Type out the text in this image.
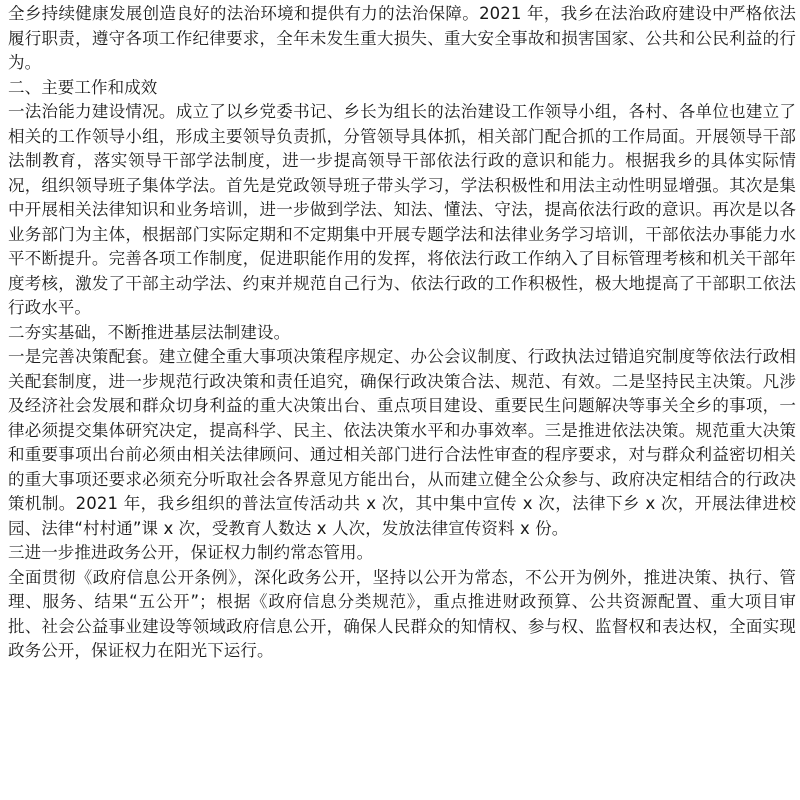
全乡持续健康发展创造良好的法治环境和提供有力的法治保障。2021 年，我乡在法治政府建设中严格依法履行职责，遵守各项工作纪律要求，全年未发生重大损失、重大安全事故和损害国家、公共和公民利益的行为。

二、主要工作和成效

一法治能力建设情况。成立了以乡党委书记、乡长为组长的法治建设工作领导小组，各村、各单位也建立了相关的工作领导小组，形成主要领导负责抓，分管领导具体抓，相关部门配合抓的工作局面。开展领导干部法制教育，落实领导干部学法制度，进一步提高领导干部依法行政的意识和能力。根据我乡的具体实际情况，组织领导班子集体学法。首先是党政领导班子带头学习，学法积极性和用法主动性明显增强。其次是集中开展相关法律知识和业务培训，进一步做到学法、知法、懂法、守法，提高依法行政的意识。再次是以各业务部门为主体，根据部门实际定期和不定期集中开展专题学法和法律业务学习培训，干部依法办事能力水平不断提升。完善各项工作制度，促进职能作用的发挥，将依法行政工作纳入了目标管理考核和机关干部年度考核，激发了干部主动学法、约束并规范自己行为、依法行政的工作积极性，极大地提高了干部职工依法行政水平。

二夯实基础，不断推进基层法制建设。

一是完善决策配套。建立健全重大事项决策程序规定、办公会议制度、行政执法过错追究制度等依法行政相关配套制度，进一步规范行政决策和责任追究，确保行政决策合法、规范、有效。二是坚持民主决策。凡涉及经济社会发展和群众切身利益的重大决策出台、重点项目建设、重要民生问题解决等事关全乡的事项，一律必须提交集体研究决定，提高科学、民主、依法决策水平和办事效率。三是推进依法决策。规范重大决策和重要事项出台前必须由相关法律顾问、通过相关部门进行合法性审查的程序要求，对与群众利益密切相关的重大事项还要求必须充分听取社会各界意见方能出台，从而建立健全公众参与、政府决定相结合的行政决策机制。2021 年，我乡组织的普法宣传活动共 x 次，其中集中宣传 x 次，法律下乡 x 次，开展法律进校园、法律“村村通”课 x 次，受教育人数达 x 人次，发放法律宣传资料 x 份。

三进一步推进政务公开，保证权力制约常态管用。

全面贯彻《政府信息公开条例》，深化政务公开，坚持以公开为常态，不公开为例外，推进决策、执行、管理、服务、结果“五公开”；根据《政府信息分类规范》，重点推进财政预算、公共资源配置、重大项目审批、社会公益事业建设等领域政府信息公开，确保人民群众的知情权、参与权、监督权和表达权，全面实现政务公开，保证权力在阳光下运行。
